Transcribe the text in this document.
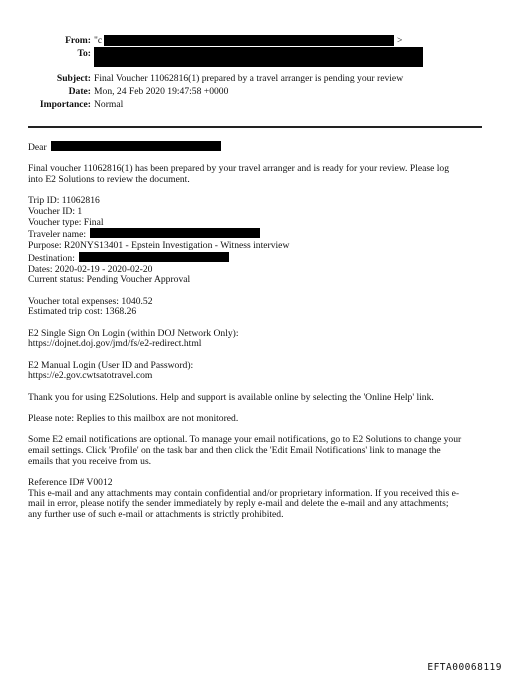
From: "c	>
To:
Subject: Final Voucher 11062816(1) prepared by a travel arranger is pending your review
Date: Mon, 24 Feb 2020 19:47:58 +0000
Importance: Normal

Dear

Final voucher 11062816(1) has been prepared by your travel arranger and is ready for your review. Please log
into E2 Solutions to review the document.

Trip ID: 11062816
Voucher ID: 1
Voucher type: Final
Traveler name:
Purpose: R20NYS13401 - Epstein Investigation - Witness interview
Destination:
Dates: 2020-02-19 - 2020-02-20
Current status: Pending Voucher Approval

Voucher total expenses: 1040.52
Estimated trip cost: 1368.26

E2 Single Sign On Login (within DOJ Network Only):
https://dojnet.doj.gov/jmd/fs/e2-redirect.html

E2 Manual Login (User ID and Password):
https://e2.gov.cwtsatotravel.com

Thank you for using E2Solutions. Help and support is available online by selecting the 'Online Help' link.

Please note: Replies to this mailbox are not monitored.

Some E2 email notifications are optional. To manage your email notifications, go to E2 Solutions to change your
email settings. Click 'Profile' on the task bar and then click the 'Edit Email Notifications' link to manage the
emails that you receive from us.

Reference ID# V0012
This e-mail and any attachments may contain confidential and/or proprietary information. If you received this e-
mail in error, please notify the sender immediately by reply e-mail and delete the e-mail and any attachments;
any further use of such e-mail or attachments is strictly prohibited.

EFTA00068119
